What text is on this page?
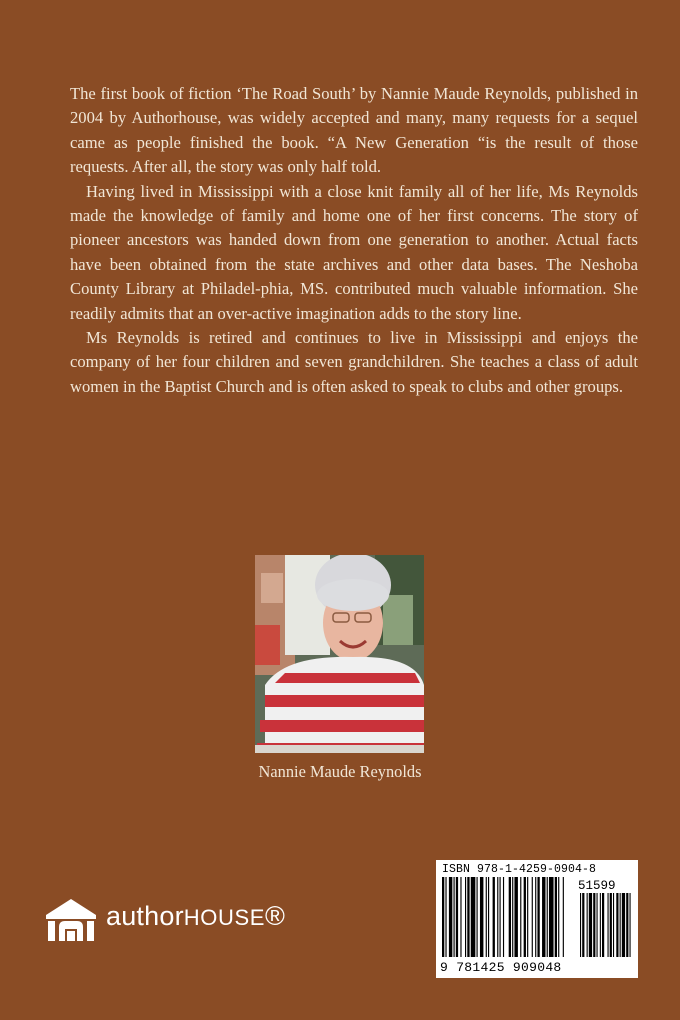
The first book of fiction ‘The Road South’ by Nannie Maude Reynolds, published in 2004 by Authorhouse, was widely accepted and many, many requests for a sequel came as people finished the book. “A New Generation “is the result of those requests. After all, the story was only half told.

Having lived in Mississippi with a close knit family all of her life, Ms Reynolds made the knowledge of family and home one of her first concerns. The story of pioneer ancestors was handed down from one generation to another. Actual facts have been obtained from the state archives and other data bases. The Neshoba County Library at Philadel-phia, MS. contributed much valuable information. She readily admits that an over-active imagination adds to the story line.

Ms Reynolds is retired and continues to live in Mississippi and enjoys the company of her four children and seven grandchildren. She teaches a class of adult women in the Baptist Church and is often asked to speak to clubs and other groups.

Nannie Maude Reynolds
authorHOUSE®
ISBN 978-1-4259-0904-8
51599
9 781425 909048
